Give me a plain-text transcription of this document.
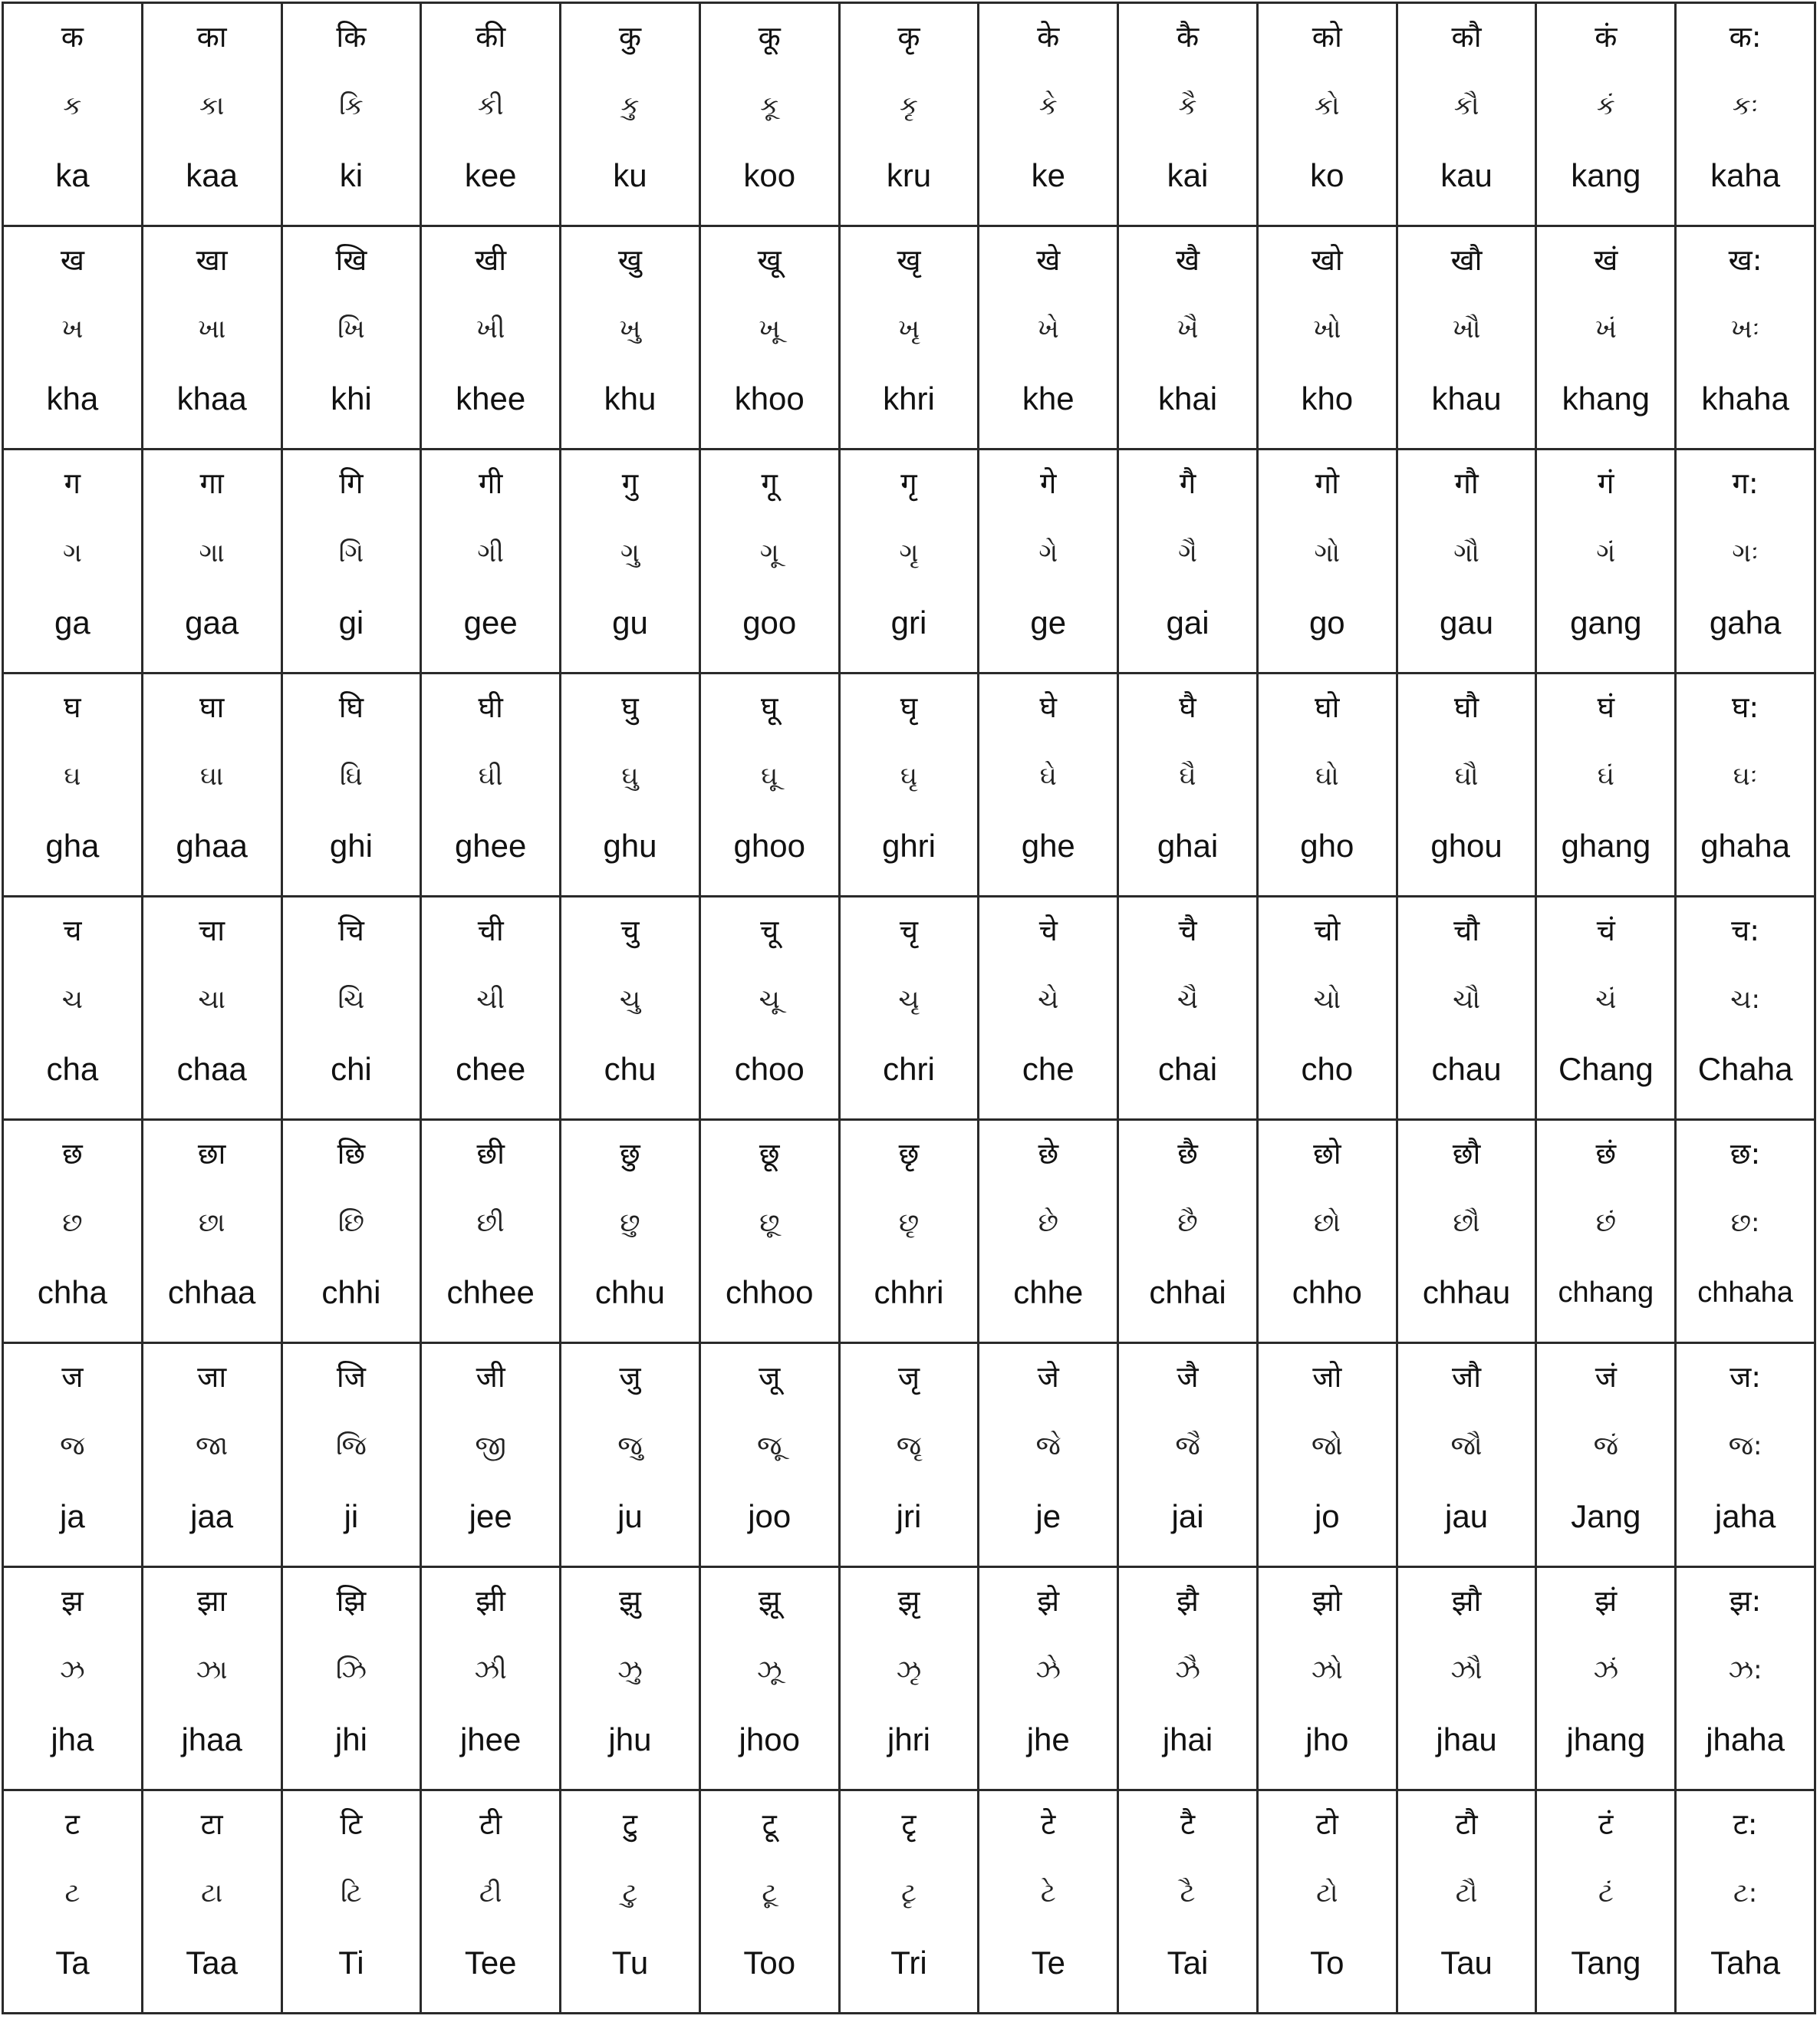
क
ક
ka
का
કા
kaa
कि
કિ
ki
की
કી
kee
कु
કુ
ku
कू
કૂ
koo
कृ
કૃ
kru
के
કે
ke
कै
કૈ
kai
को
કો
ko
कौ
કૌ
kau
कं
કં
kang
क:
કઃ
kaha
ख
ખ
kha
खा
ખા
khaa
खि
ખિ
khi
खी
ખી
khee
खु
ખુ
khu
खू
ખૂ
khoo
खृ
ખૃ
khri
खे
ખે
khe
खै
ખૈ
khai
खो
ખો
kho
खौ
ખૌ
khau
खं
ખં
khang
ख:
ખઃ
khaha
ग
ગ
ga
गा
ગા
gaa
गि
ગિ
gi
गी
ગી
gee
गु
ગુ
gu
गू
ગૂ
goo
गृ
ગૃ
gri
गे
ગે
ge
गै
ગૈ
gai
गो
ગો
go
गौ
ગૌ
gau
गं
ગં
gang
ग:
ગઃ
gaha
घ
ઘ
gha
घा
ઘા
ghaa
घि
ઘિ
ghi
घी
ઘી
ghee
घु
ઘુ
ghu
घू
ઘૂ
ghoo
घृ
ઘૃ
ghri
घे
ઘે
ghe
घै
ઘૈ
ghai
घो
ઘો
gho
घौ
ઘૌ
ghou
घं
ઘં
ghang
घ:
ઘઃ
ghaha
च
ચ
cha
चा
ચા
chaa
चि
ચિ
chi
ची
ચી
chee
चु
ચુ
chu
चू
ચૂ
choo
चृ
ચૃ
chri
चे
ચે
che
चै
ચૈ
chai
चो
ચો
cho
चौ
ચૌ
chau
चं
ચં
Chang
च:
ચ:
Chaha
छ
છ
chha
छा
છા
chhaa
छि
છિ
chhi
छी
છી
chhee
छु
છુ
chhu
छू
છૂ
chhoo
छृ
છૃ
chhri
छे
છે
chhe
छै
છૈ
chhai
छो
છો
chho
छौ
છૌ
chhau
छं
છં
chhang
छ:
છ:
chhaha
ज
જ
ja
जा
જા
jaa
जि
જિ
ji
जी
જી
jee
जु
જુ
ju
जू
જૂ
joo
जृ
જૃ
jri
जे
જે
je
जै
જૈ
jai
जो
જો
jo
जौ
જૌ
jau
जं
જં
Jang
ज:
જ:
jaha
झ
ઝ
jha
झा
ઝા
jhaa
झि
ઝિ
jhi
झी
ઝી
jhee
झु
ઝુ
jhu
झू
ઝૂ
jhoo
झृ
ઝૃ
jhri
झे
ઝે
jhe
झै
ઝૈ
jhai
झो
ઝો
jho
झौ
ઝૌ
jhau
झं
ઝં
jhang
झ:
ઝ:
jhaha
ट
ટ
Ta
टा
ટા
Taa
टि
ટિ
Ti
टी
ટી
Tee
टु
ટુ
Tu
टू
ટૂ
Too
टृ
ટૃ
Tri
टे
ટે
Te
टै
ટૈ
Tai
टो
ટો
To
टौ
ટૌ
Tau
टं
ટં
Tang
ट:
ટ:
Taha
